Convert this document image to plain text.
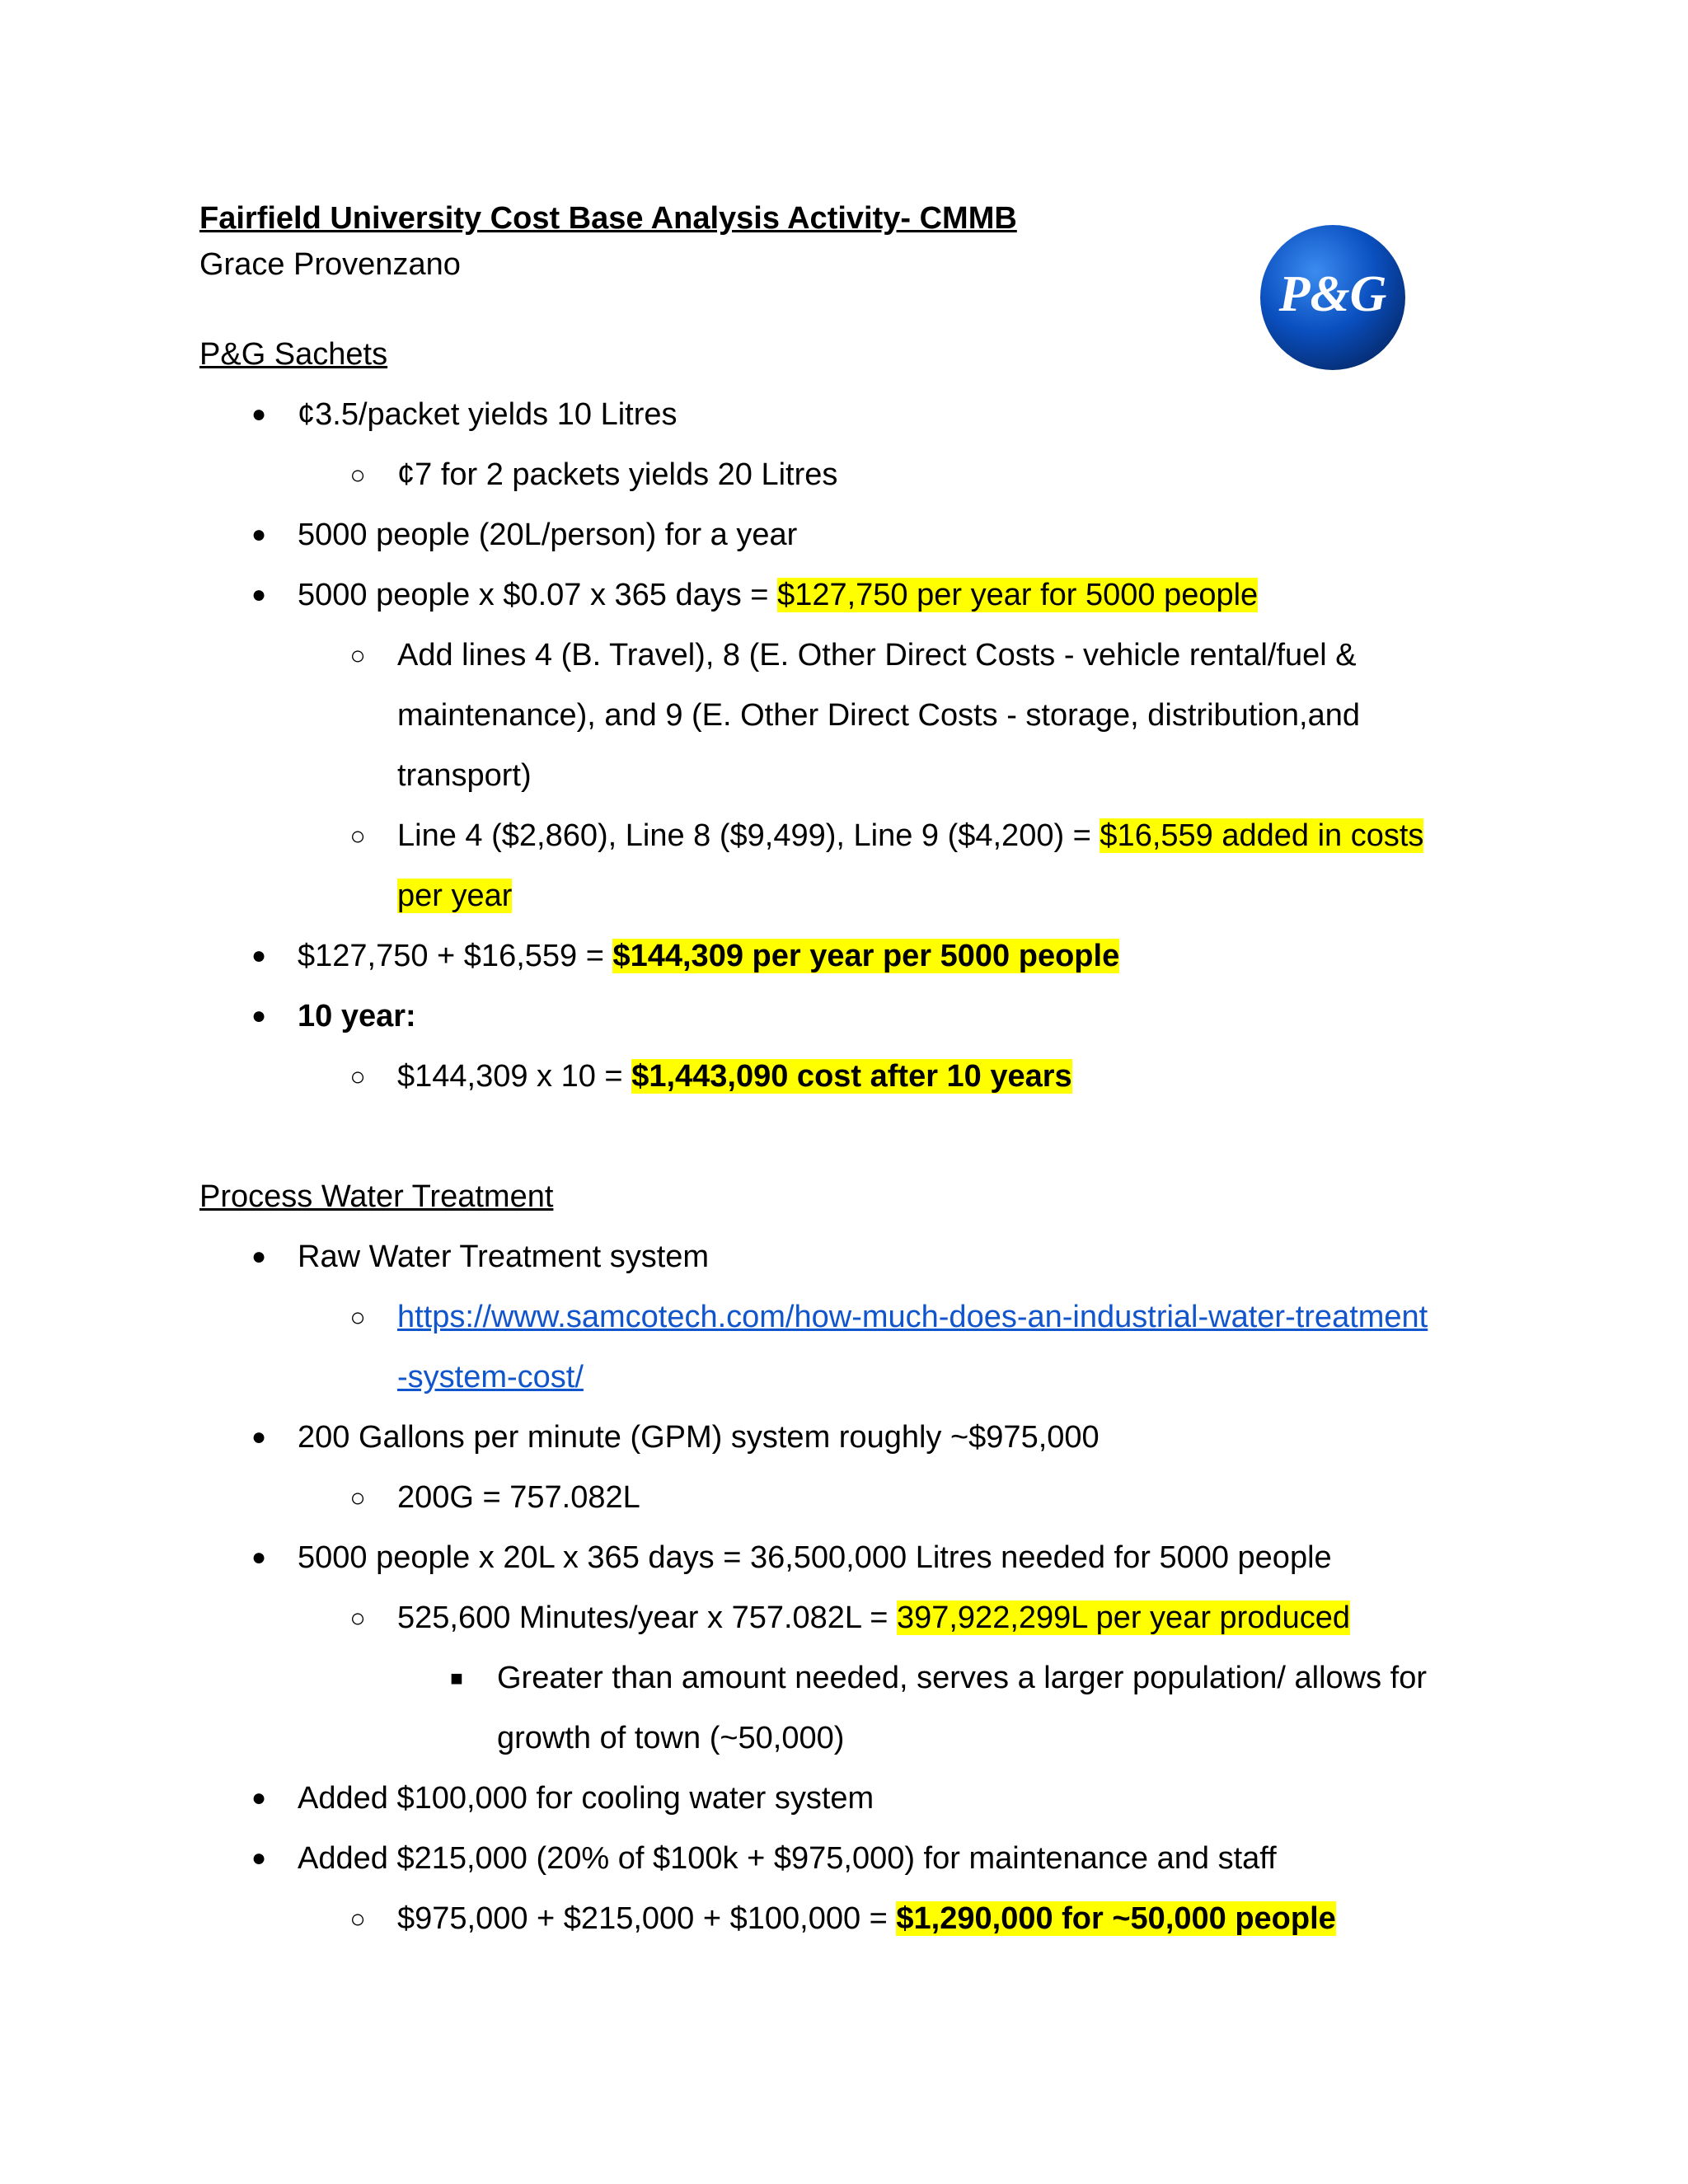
Fairfield University Cost Base Analysis Activity- CMMB
Grace Provenzano
P&G
P&G Sachets
● ¢3.5/packet yields 10 Litres
○ ¢7 for 2 packets yields 20 Litres
● 5000 people (20L/person) for a year
● 5000 people x $0.07 x 365 days = $127,750 per year for 5000 people
○ Add lines 4 (B. Travel), 8 (E. Other Direct Costs - vehicle rental/fuel &
maintenance), and 9 (E. Other Direct Costs - storage, distribution,and
transport)
○ Line 4 ($2,860), Line 8 ($9,499), Line 9 ($4,200) = $16,559 added in costs
per year
● $127,750 + $16,559 = $144,309 per year per 5000 people
● 10 year:
○ $144,309 x 10 = $1,443,090 cost after 10 years
Process Water Treatment
● Raw Water Treatment system
○ https://www.samcotech.com/how-much-does-an-industrial-water-treatment
-system-cost/
● 200 Gallons per minute (GPM) system roughly ~$975,000
○ 200G = 757.082L
● 5000 people x 20L x 365 days = 36,500,000 Litres needed for 5000 people
○ 525,600 Minutes/year x 757.082L = 397,922,299L per year produced
■	Greater than amount needed, serves a larger population/ allows for
growth of town (~50,000)
● Added $100,000 for cooling water system
● Added $215,000 (20% of $100k + $975,000) for maintenance and staff
○ $975,000 + $215,000 + $100,000 = $1,290,000 for ~50,000 people
